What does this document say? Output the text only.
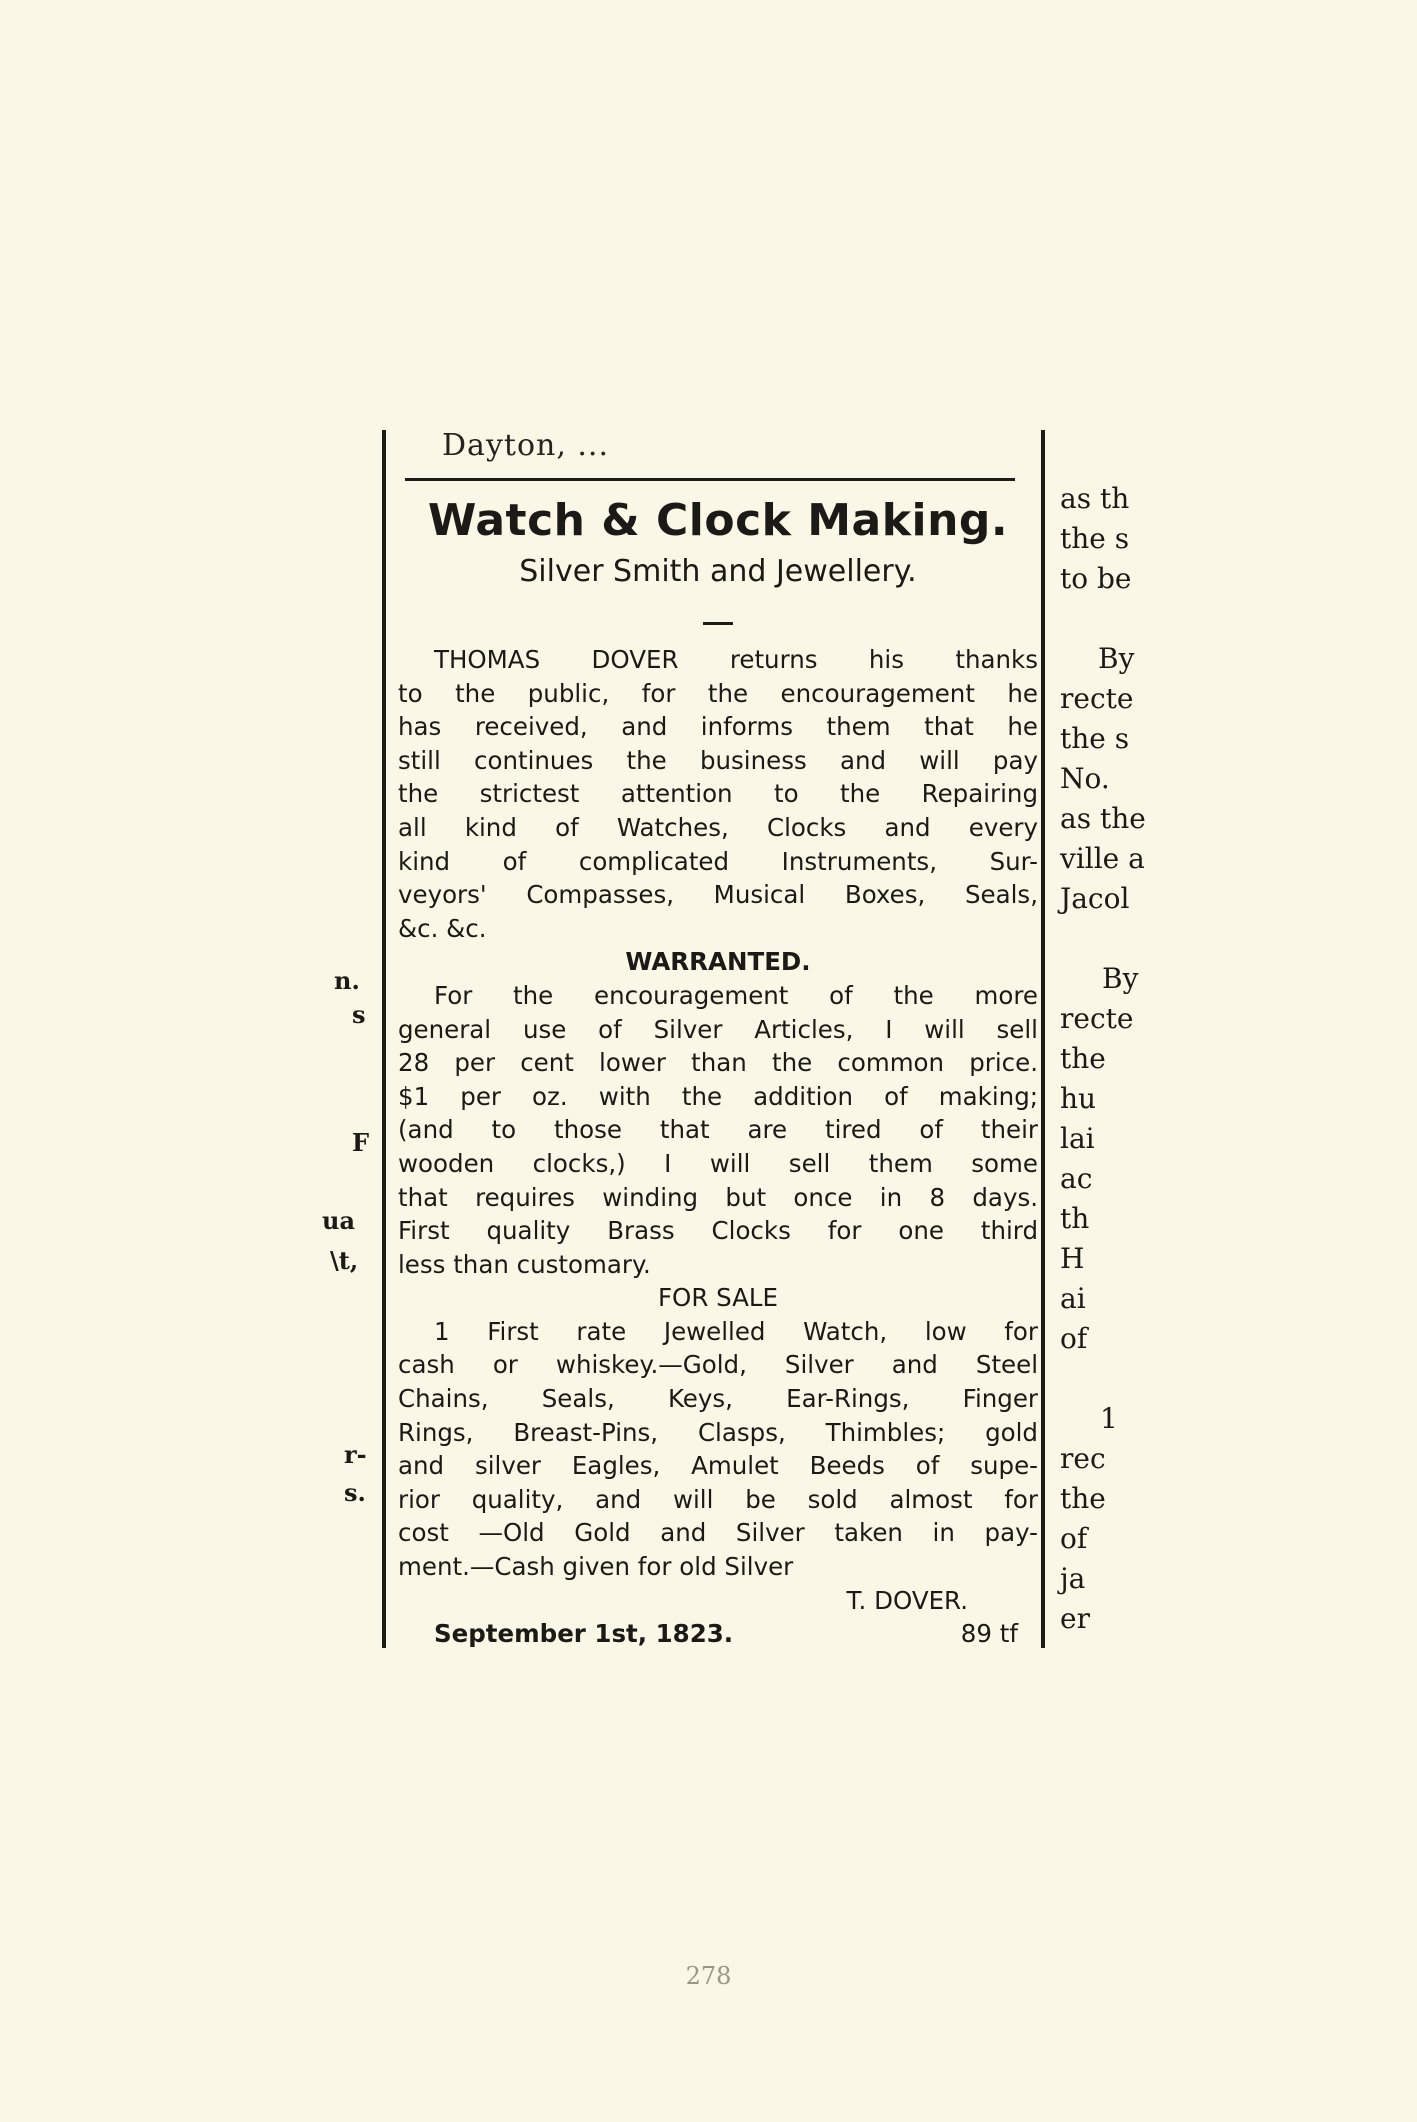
Dayton, ...
Watch & Clock Making.
Silver Smith and Jewellery.
THOMAS DOVER returns his thanks
to the public, for the encouragement he
has received, and informs them that he
still continues the business and will pay
the strictest attention to the Repairing
all kind of Watches, Clocks and every
kind of complicated Instruments, Sur-
veyors' Compasses, Musical Boxes, Seals,
&c. &c.
WARRANTED.
For the encouragement of the more
general use of Silver Articles, I will sell
28 per cent lower than the common price.
$1 per oz. with the addition of making;
(and to those that are tired of their
wooden clocks,) I will sell them some
that requires winding but once in 8 days.
First quality Brass Clocks for one third
less than customary.
FOR SALE
1 First rate Jewelled Watch, low for
cash or whiskey.—Gold, Silver and Steel
Chains, Seals, Keys, Ear-Rings, Finger
Rings, Breast-Pins, Clasps, Thimbles; gold
and silver Eagles, Amulet Beeds of supe-
rior quality, and will be sold almost for
cost —Old Gold and Silver taken in pay-
ment.—Cash given for old Silver
T. DOVER.
September 1st, 1823.	89 tf
as th
the s
to be
By
recte
the s
No.
as the
ville a
Jacol
By
recte
the
hu
lai
ac
th
H
ai
of
1
rec
the
of
ja
er
n.
s
F
ua
\t,
r-
s.
278
